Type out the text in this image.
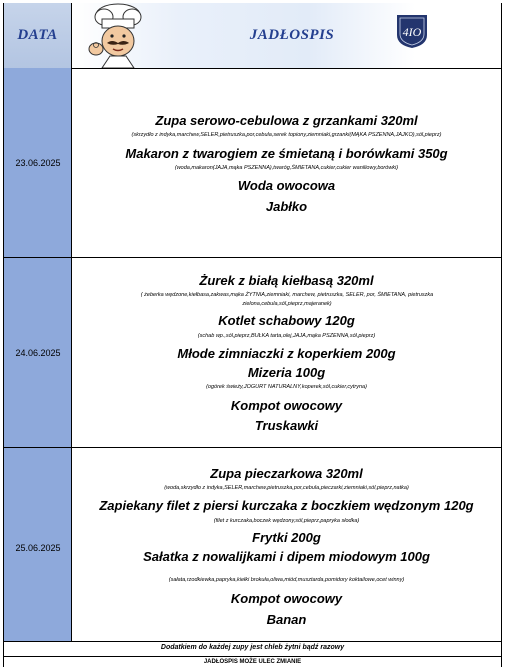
DATA	JADŁOSPIS	4IO
23.06.2025
Zupa serowo-cebulowa z grzankami 320ml
(skrzydło z indyka,marchew,SELER,pietruszka,por,cebula,serek topiony,ziemniaki,grzanki(MĄKA PSZENNA,JAJKO),sól,pieprz)
Makaron z twarogiem ze śmietaną i borówkami 350g
(woda,makaron(JAJA,mąka PSZENNA),twaróg,ŚMIETANA,cukier,cukier waniliowy,borówki)
Woda owocowa
Jabłko
24.06.2025
Żurek z białą kiełbasą 320ml
( żeberka wędzone,kiełbasa,zakwas,mąka ŻYTNIA,ziemniaki, marchew, pietruszka, SELER, por, ŚMIETANA, pietruszka zielona,cebula,sól,pieprz,majeranek)
Kotlet schabowy 120g
(schab wp.,sól,pieprz,BUŁKA tarta,olej,JAJA,mąka PSZENNA,sól,pieprz)
Młode zimniaczki z koperkiem 200g
Mizeria 100g
(ogórek świeży,JOGURT NATURALNY,koperek,sól,cukier,cytryna)
Kompot owocowy
Truskawki
25.06.2025
Zupa pieczarkowa 320ml
(woda,skrzydło z indyka,SELER,marchew,pietruszka,por,cebula,pieczarki,ziemniaki,sól,pieprz,natka)
Zapiekany filet z piersi kurczaka z boczkiem wędzonym 120g
(filet z kurczaka,boczek wędzony,sól,pieprz,papryka słodka)
Frytki 200g
Sałatka z nowalijkami i dipem miodowym 100g
(sałata,rzodkiewka,papryka,kiełki brokuła,oliwa,miód,musztarda,pomidory koktailowe,ocet winny)
Kompot owocowy
Banan
Dodatkiem do każdej zupy jest chleb żytni bądź razowy
JADŁOSPIS MOŻE ULEC ZMIANIE
